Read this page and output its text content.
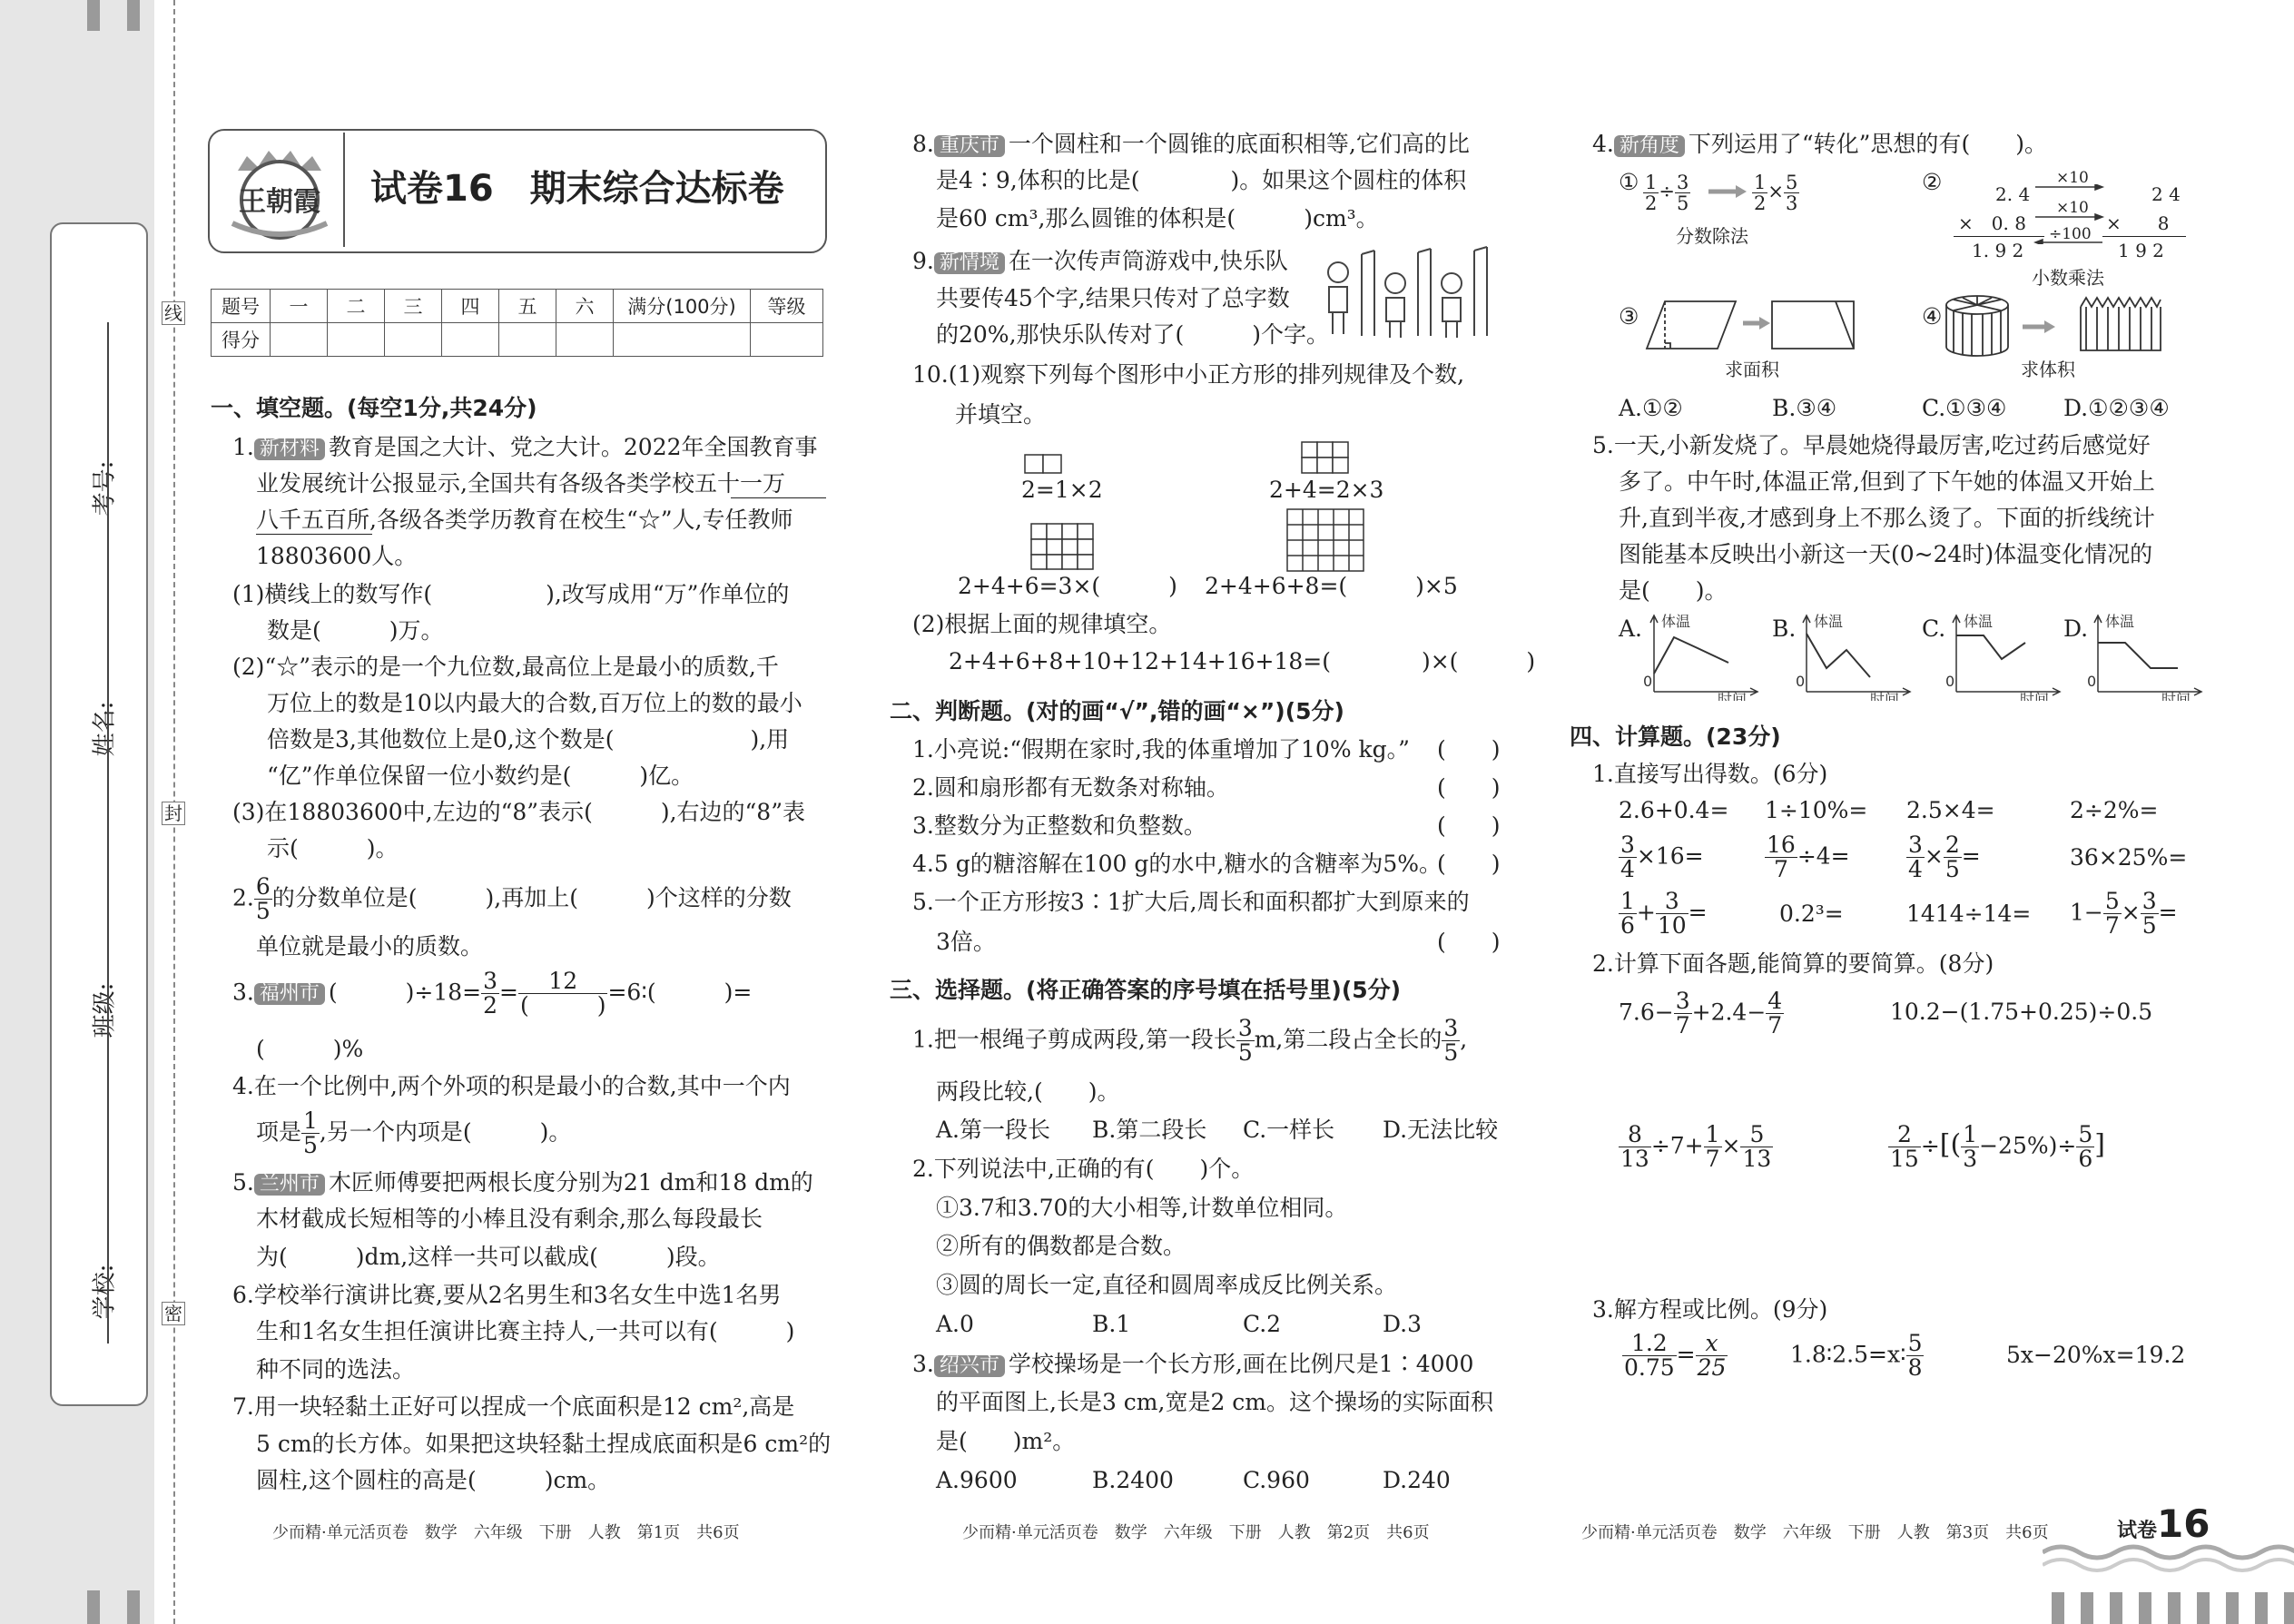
考号:
姓名:
班级:
学校:
线
封
密
王朝霞 试卷16　期末综合达标卷
题号	一	二	三	四	五	六	满分(100分)	等级
得分								
一、填空题。(每空1分,共24分)
1. 新材料 教育是国之大计、党之大计。2022年全国教育事
业发展统计公报显示,全国共有各级各类学校五十一万
八千五百所,各级各类学历教育在校生“☆”人,专任教师
18803600人。
(1)横线上的数写作(　　　　　),改写成用“万”作单位的
数是(　　　)万。
(2)“☆”表示的是一个九位数,最高位上是最小的质数,千
万位上的数是10以内最大的合数,百万位上的数的最小
倍数是3,其他数位上是0,这个数是(　　　　　　),用
“亿”作单位保留一位小数约是(　　　)亿。
(3)在18803600中,左边的“8”表示(　　　),右边的“8”表
示(　　　)。
2. $\frac{6}{5}$ 的分数单位是(　　　),再加上(　　　)个这样的分数
单位就是最小的质数。
3. 福州市 (　　　)$\div 18= \frac{3}{2}$ =	12
(　　　)
=6∶(　　　)=
(　　　)%
4.在一个比例中,两个外项的积是最小的合数,其中一个内
项是 $\frac{1}{5}$ ,另一个内项是(　　　)。
5. 兰州市 木匠师傅要把两根长度分别为21 dm和18 dm的
木材截成长短相等的小棒且没有剩余,那么每段最长
为(　　　)dm,这样一共可以截成(　　　)段。
6.学校举行演讲比赛,要从2名男生和3名女生中选1名男
生和1名女生担任演讲比赛主持人,一共可以有(　　　)
种不同的选法。
7.用一块轻黏土正好可以捏成一个底面积是12 cm²,高是
5 cm的长方体。如果把这块轻黏土捏成底面积是6 cm²的
圆柱,这个圆柱的高是(　　　)cm。
少而精·单元活页卷　数学　六年级　下册　人教　第1页　共6页
8. 重庆市 一个圆柱和一个圆锥的底面积相等,它们高的比
是4∶9,体积的比是(　　　　)。如果这个圆柱的体积
是60 cm³,那么圆锥的体积是(　　　)cm³。
9. 新情境 在一次传声筒游戏中,快乐队
共要传45个字,结果只传对了总字数
的20%,那快乐队传对了(　　　)个字。
10.(1)观察下列每个图形中小正方形的排列规律及个数,
并填空。
2=1×2	2+4=2×3
2+4+6=3×(　　　) 2+4+6+8=(　　　)×5
(2)根据上面的规律填空。
2+4+6+8+10+12+14+16+18=(　　　　)×(　　　)
二、判断题。(对的画“√”,错的画“×”)(5分)
1.小亮说:“假期在家时,我的体重增加了10% kg。” (　　)
2.圆和扇形都有无数条对称轴。	(　　)
3.整数分为正整数和负整数。	(　　)
4.5 g的糖溶解在100 g的水中,糖水的含糖率为5%。
(　　)
5.一个正方形按3∶1扩大后,周长和面积都扩大到原来的
3倍。	(　　)
三、选择题。(将正确答案的序号填在括号里)(5分)
1.把一根绳子剪成两段,第一段长 $\frac{3}{5} m$,第二段占全长的 $\frac{3}{5}$ ,
两段比较,(　　)。
A.第一段长 B.第二段长 C.一样长 D.无法比较
2.下列说法中,正确的有(　　)个。
①3.7和3.70的大小相等,计数单位相同。
②所有的偶数都是合数。
③圆的周长一定,直径和圆周率成反比例关系。
A.0	B.1	C.2	D.3
3. 绍兴市 学校操场是一个长方形,画在比例尺是1∶4000
的平面图上,长是3 cm,宽是2 cm。这个操场的实际面积
是(　　)m²。
A.9600	B.2400	C.960	D.240
少而精·单元活页卷　数学　六年级　下册　人教　第2页　共6页
4. 新角度 下列运用了“转化”思想的有(　　)。
① $\frac{1}{2} \div \frac{3}{5}$	$\frac{1}{2} \times \frac{5}{3}$
分数除法
②	2. 4
×　0. 8
1. 9 2
2 4
×　　8
1 9 2
×10
×10
÷100
小数乘法
③
求面积
④
求体积
A.①②	B.③④	C.①③④	D.①②③④
5.一天,小新发烧了。早晨她烧得最厉害,吃过药后感觉好
多了。中午时,体温正常,但到了下午她的体温又开始上
升,直到半夜,才感到身上不那么烫了。下面的折线统计
图能基本反映出小新这一天(0~24时)体温变化情况的
是(　　)。
A. 体温
0
时间
B. 体温
0
时间
C. 体温
0
时间
D. 体温
0
时间
四、计算题。(23分)
1.直接写出得数。(6分)
2.6+0.4= 1÷10%= 2.5×4=	2÷2%=
$\frac{3}{4} \times 16=$	$\frac{16}{7} \div 4= \frac{3}{4} \times \frac{2}{5}$ =	36×25%=
$\frac{1}{6} + \frac{3}{10}$ =	0.2³=	$1414\div 14= 1- \frac{5}{7} \times \frac{3}{5}$ =
2.计算下面各题,能简算的要简算。(8分)
$7.6- \frac{3}{7} +2.4- \frac{4}{7}$	10.2−(1.75+0.25)÷0.5
$\frac{8}{13} \div 7+ \frac{1}{7} \times \frac{5}{13}$	$\frac{2}{15}$ ÷[( $\frac{1}{3} -25\%)\div \frac{5}{6}$ ]
3.解方程或比例。(9分)
$\frac{1.2}{0.75} = \frac{x}{25}$	1.8∶2.5=x∶ $\frac{5}{8}$	5x−20%x=19.2
少而精·单元活页卷　数学　六年级　下册　人教　第3页　共6页	试卷16
